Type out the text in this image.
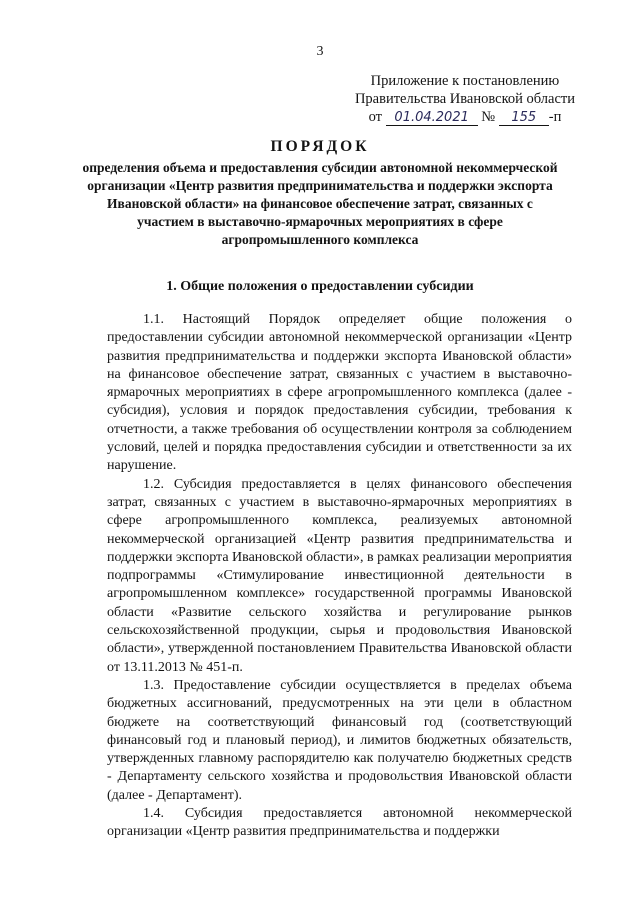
3
Приложение к постановлению
Правительства Ивановской области
от 01.04.2021 № 155 -п
ПОРЯДОК
определения объема и предоставления субсидии автономной некоммерческой организации «Центр развития предпринимательства и поддержки экспорта Ивановской области» на финансовое обеспечение затрат, связанных с участием в выставочно-ярмарочных мероприятиях в сфере агропромышленного комплекса
1. Общие положения о предоставлении субсидии

1.1. Настоящий Порядок определяет общие положения о предоставлении субсидии автономной некоммерческой организации «Центр развития предпринимательства и поддержки экспорта Ивановской области» на финансовое обеспечение затрат, связанных с участием в выставочно-ярмарочных мероприятиях в сфере агропромышленного комплекса (далее - субсидия), условия и порядок предоставления субсидии, требования к отчетности, а также требования об осуществлении контроля за соблюдением условий, целей и порядка предоставления субсидии и ответственности за их нарушение.

1.2. Субсидия предоставляется в целях финансового обеспечения затрат, связанных с участием в выставочно-ярмарочных мероприятиях в сфере агропромышленного комплекса, реализуемых автономной некоммерческой организацией «Центр развития предпринимательства и поддержки экспорта Ивановской области», в рамках реализации мероприятия подпрограммы «Стимулирование инвестиционной деятельности в агропромышленном комплексе» государственной программы Ивановской области «Развитие сельского хозяйства и регулирование рынков сельскохозяйственной продукции, сырья и продовольствия Ивановской области», утвержденной постановлением Правительства Ивановской области от 13.11.2013 № 451-п.

1.3. Предоставление субсидии осуществляется в пределах объема бюджетных ассигнований, предусмотренных на эти цели в областном бюджете на соответствующий финансовый год (соответствующий финансовый год и плановый период), и лимитов бюджетных обязательств, утвержденных главному распорядителю как получателю бюджетных средств - Департаменту сельского хозяйства и продовольствия Ивановской области (далее - Департамент).

1.4. Субсидия предоставляется автономной некоммерческой организации «Центр развития предпринимательства и поддержки
